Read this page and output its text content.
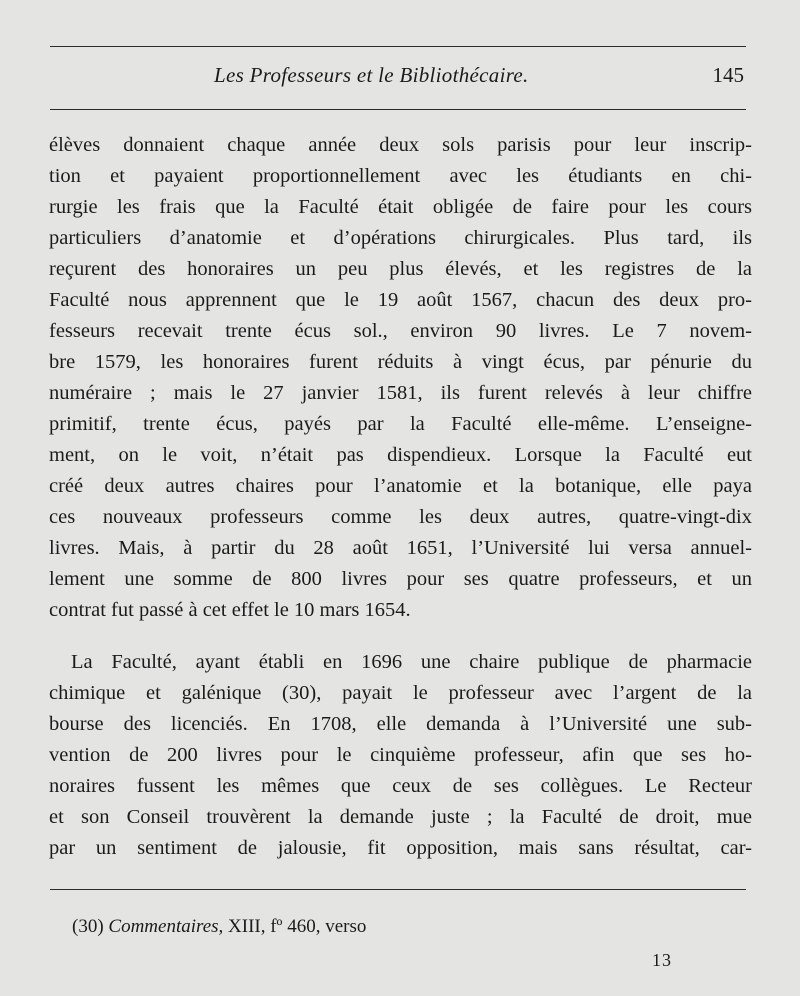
Les Professeurs et le Bibliothécaire.	145
élèves donnaient chaque année deux sols parisis pour leur inscrip-
tion et payaient proportionnellement avec les étudiants en chi-
rurgie les frais que la Faculté était obligée de faire pour les cours
particuliers d’anatomie et d’opérations chirurgicales. Plus tard, ils
reçurent des honoraires un peu plus élevés, et les registres de la
Faculté nous apprennent que le 19 août 1567, chacun des deux pro-
fesseurs recevait trente écus sol., environ 90 livres. Le 7 novem-
bre 1579, les honoraires furent réduits à vingt écus, par pénurie du
numéraire ; mais le 27 janvier 1581, ils furent relevés à leur chiffre
primitif, trente écus, payés par la Faculté elle-même. L’enseigne-
ment, on le voit, n’était pas dispendieux. Lorsque la Faculté eut
créé deux autres chaires pour l’anatomie et la botanique, elle paya
ces nouveaux professeurs comme les deux autres, quatre-vingt-dix
livres. Mais, à partir du 28 août 1651, l’Université lui versa annuel-
lement une somme de 800 livres pour ses quatre professeurs, et un
contrat fut passé à cet effet le 10 mars 1654.
La Faculté, ayant établi en 1696 une chaire publique de pharmacie
chimique et galénique (30), payait le professeur avec l’argent de la
bourse des licenciés. En 1708, elle demanda à l’Université une sub-
vention de 200 livres pour le cinquième professeur, afin que ses ho-
noraires fussent les mêmes que ceux de ses collègues. Le Recteur
et son Conseil trouvèrent la demande juste ; la Faculté de droit, mue
par un sentiment de jalousie, fit opposition, mais sans résultat, car-
(30) Commentaires, XIII, fº 460, verso
13
